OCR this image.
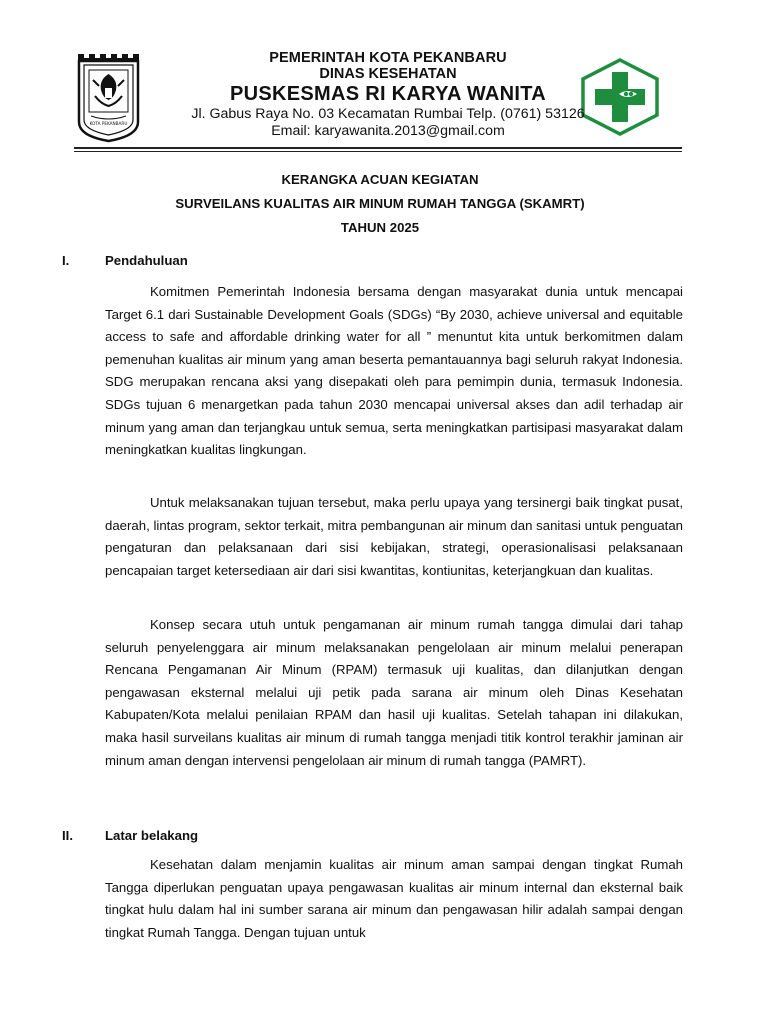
KOTA PEKANBARU
PEMERINTAH KOTA PEKANBARU
DINAS KESEHATAN
PUSKESMAS RI KARYA WANITA
Jl. Gabus Raya No. 03 Kecamatan Rumbai Telp. (0761) 53126
Email: karyawanita.2013@gmail.com
KERANGKA ACUAN KEGIATAN
SURVEILANS KUALITAS AIR MINUM RUMAH TANGGA (SKAMRT)
TAHUN 2025
I.	Pendahuluan

Komitmen Pemerintah Indonesia bersama dengan masyarakat dunia untuk mencapai Target 6.1 dari Sustainable Development Goals (SDGs) “By 2030, achieve universal and equitable access to safe and affordable drinking water for all ” menuntut kita untuk berkomitmen dalam pemenuhan kualitas air minum yang aman beserta pemantauannya bagi seluruh rakyat Indonesia. SDG merupakan rencana aksi yang disepakati oleh para pemimpin dunia, termasuk Indonesia. SDGs tujuan 6 menargetkan pada tahun 2030 mencapai universal akses dan adil terhadap air minum yang aman dan terjangkau untuk semua, serta meningkatkan partisipasi masyarakat dalam meningkatkan kualitas lingkungan.

Untuk melaksanakan tujuan tersebut, maka perlu upaya yang tersinergi baik tingkat pusat, daerah, lintas program, sektor terkait, mitra pembangunan air minum dan sanitasi untuk penguatan pengaturan dan pelaksanaan dari sisi kebijakan, strategi, operasionalisasi pelaksanaan pencapaian target ketersediaan air dari sisi kwantitas, kontiunitas, keterjangkuan dan kualitas.

Konsep secara utuh untuk pengamanan air minum rumah tangga dimulai dari tahap seluruh penyelenggara air minum melaksanakan pengelolaan air minum melalui penerapan Rencana Pengamanan Air Minum (RPAM) termasuk uji kualitas, dan dilanjutkan dengan pengawasan eksternal melalui uji petik pada sarana air minum oleh Dinas Kesehatan Kabupaten/Kota melalui penilaian RPAM dan hasil uji kualitas. Setelah tahapan ini dilakukan, maka hasil surveilans kualitas air minum di rumah tangga menjadi titik kontrol terakhir jaminan air minum aman dengan intervensi pengelolaan air minum di rumah tangga (PAMRT).

II. Latar belakang

Kesehatan dalam menjamin kualitas air minum aman sampai dengan tingkat Rumah Tangga diperlukan penguatan upaya pengawasan kualitas air minum internal dan eksternal baik tingkat hulu dalam hal ini sumber sarana air minum dan pengawasan hilir adalah sampai dengan tingkat Rumah Tangga. Dengan tujuan untuk
